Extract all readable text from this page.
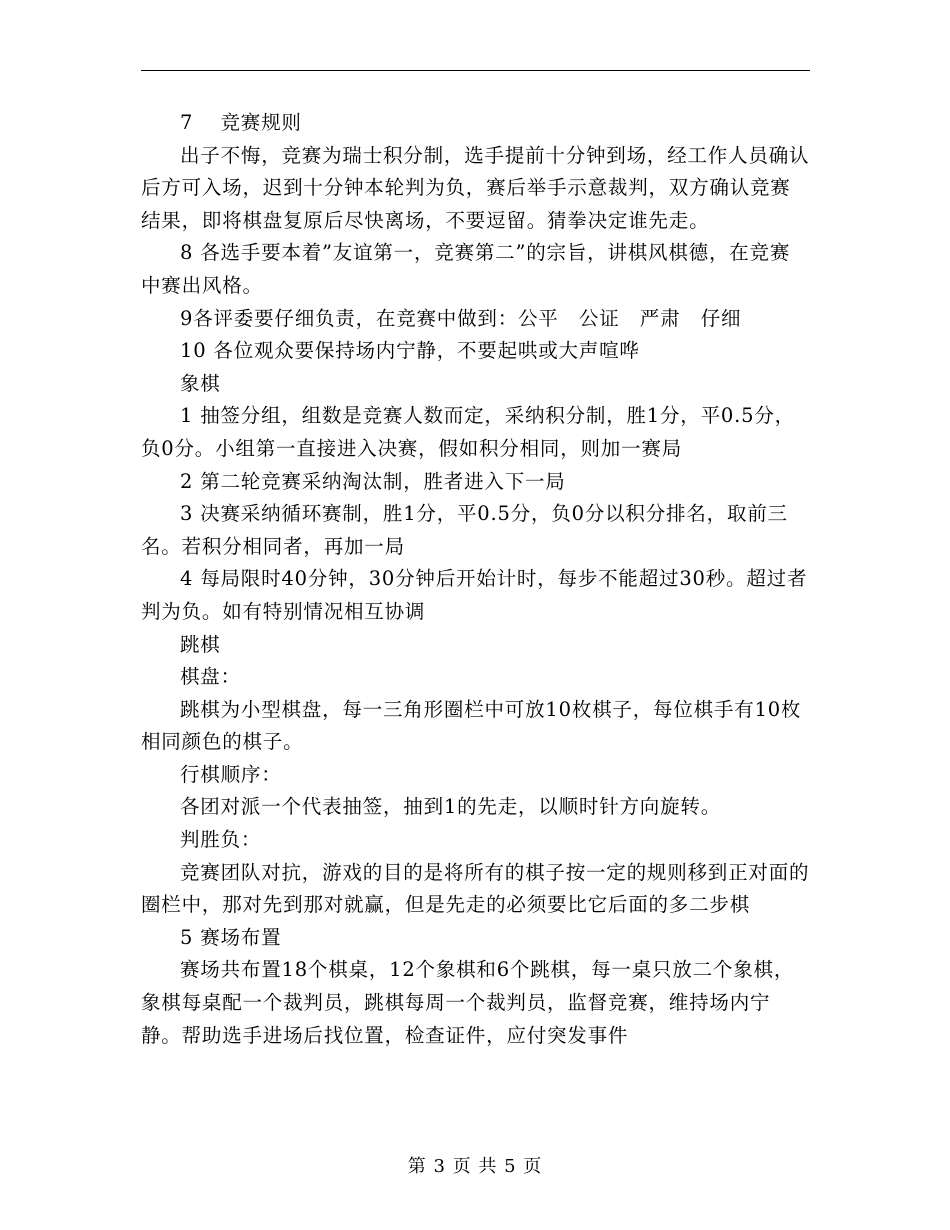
7　 竞赛规则

出子不悔，竞赛为瑞士积分制，选手提前十分钟到场，经工作人员确认后方可入场，迟到十分钟本轮判为负，赛后举手示意裁判，双方确认竞赛结果，即将棋盘复原后尽快离场，不要逗留。猜拳决定谁先走。

8 各选手要本着”友谊第一，竞赛第二”的宗旨，讲棋风棋德，在竞赛中赛出风格。

9各评委要仔细负责，在竞赛中做到：公平　公证　严肃　仔细

10 各位观众要保持场内宁静，不要起哄或大声喧哗

象棋

1 抽签分组，组数是竞赛人数而定，采纳积分制，胜1分，平0.5分，负0分。小组第一直接进入决赛，假如积分相同，则加一赛局

2 第二轮竞赛采纳淘汰制，胜者进入下一局

3 决赛采纳循环赛制，胜1分，平0.5分，负0分以积分排名，取前三名。若积分相同者，再加一局

4 每局限时40分钟，30分钟后开始计时，每步不能超过30秒。超过者判为负。如有特别情况相互协调

跳棋

棋盘：

跳棋为小型棋盘，每一三角形圈栏中可放10枚棋子，每位棋手有10枚相同颜色的棋子。

行棋顺序：

各团对派一个代表抽签，抽到1的先走，以顺时针方向旋转。

判胜负：

竞赛团队对抗，游戏的目的是将所有的棋子按一定的规则移到正对面的圈栏中，那对先到那对就赢，但是先走的必须要比它后面的多二步棋

5 赛场布置

赛场共布置18个棋桌，12个象棋和6个跳棋，每一桌只放二个象棋，象棋每桌配一个裁判员，跳棋每周一个裁判员，监督竞赛，维持场内宁静。帮助选手进场后找位置，检查证件，应付突发事件

第 3 页 共 5 页
